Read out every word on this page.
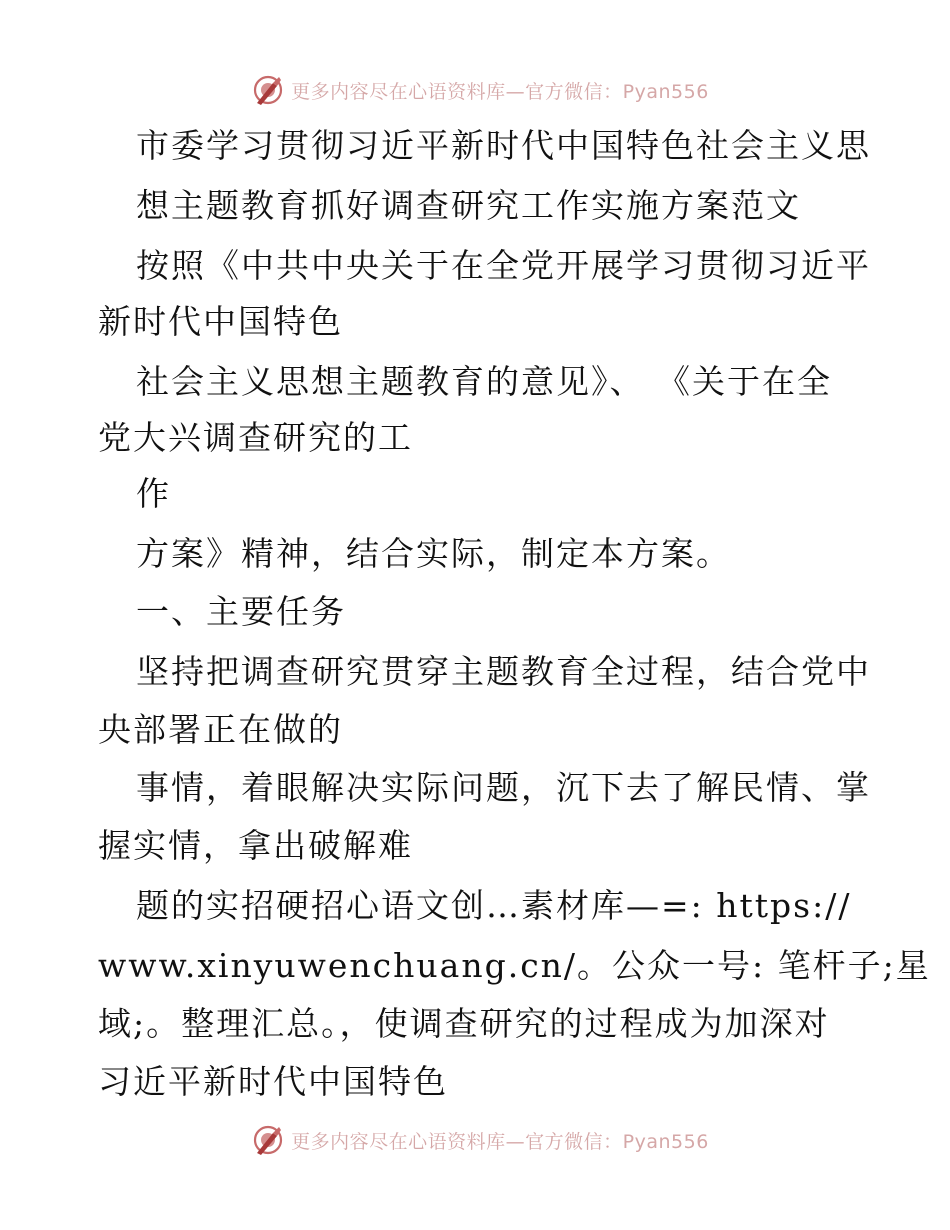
更多内容尽在心语资料库—官方微信：Pyan556
市委学习贯彻习近平新时代中国特色社会主义思
想主题教育抓好调查研究工作实施方案范文
按照《中共中央关于在全党开展学习贯彻习近平
新时代中国特色
社会主义思想主题教育的意见》、 《关于在全
党大兴调查研究的工
作
方案》精神，结合实际，制定本方案。
一、主要任务
坚持把调查研究贯穿主题教育全过程，结合党中
央部署正在做的
事情，着眼解决实际问题，沉下去了解民情、掌
握实情，拿出破解难
题的实招硬招心语文创…素材库—=: https://
www.xinyuwenchuang.cn/。公众一号: 笔杆子;星
域;。整理汇总。，使调查研究的过程成为加深对
习近平新时代中国特色
更多内容尽在心语资料库—官方微信：Pyan556
